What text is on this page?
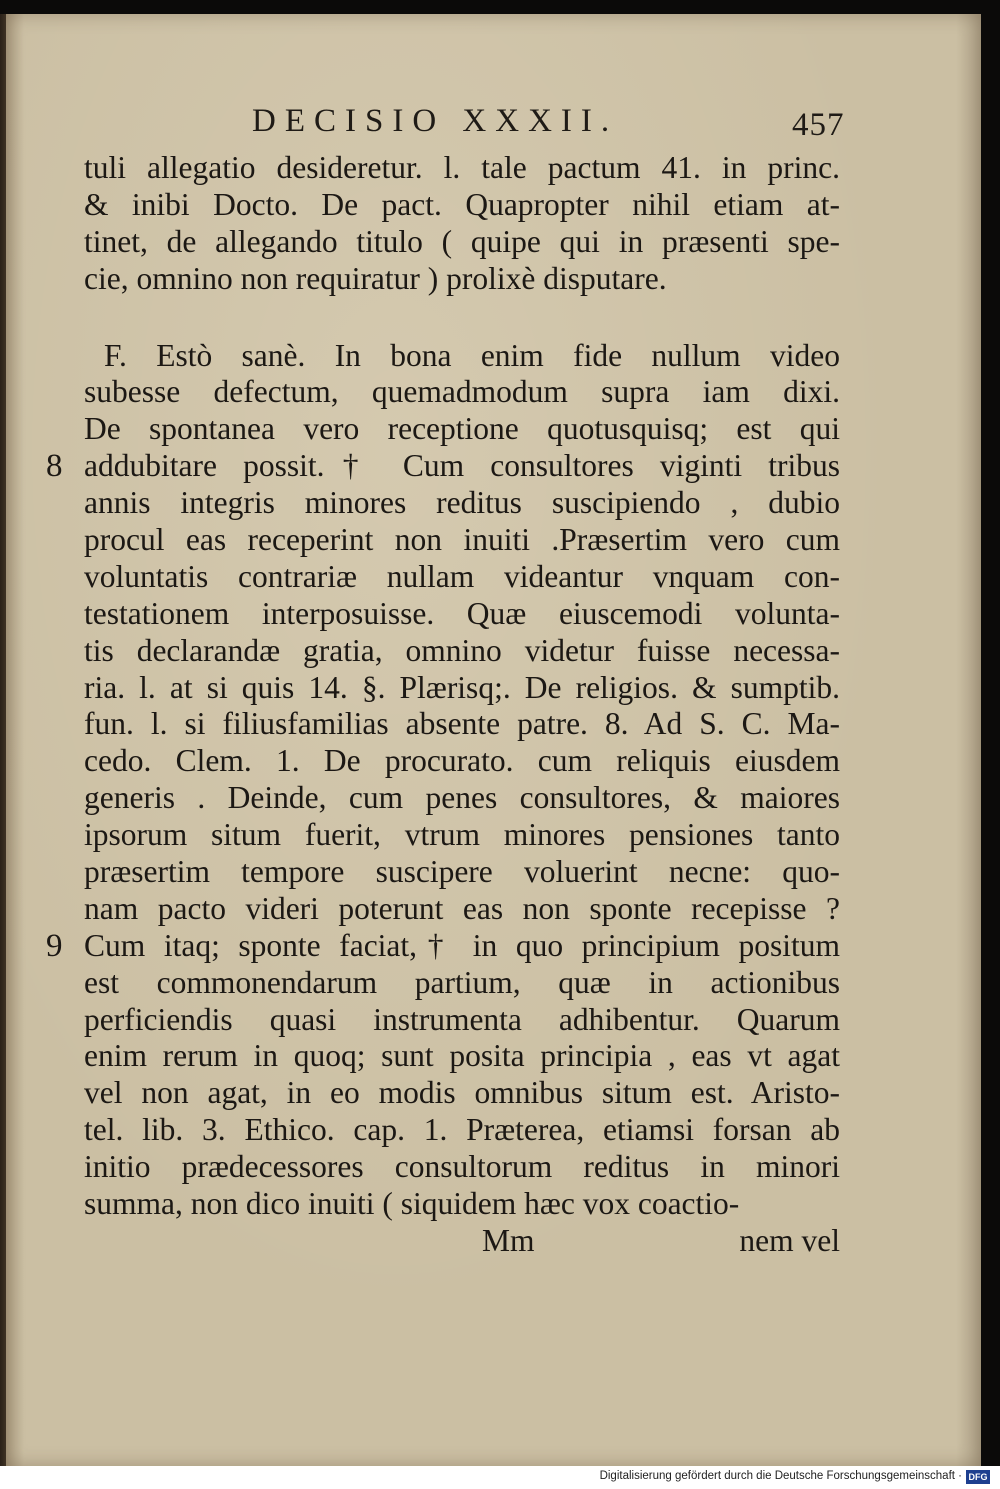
DECISIO XXXII.	457
tuli allegatio desideretur. l. tale pactum 41. in princ.
& inibi Docto. De pact. Quapropter nihil etiam at-
tinet, de allegando titulo ( quipe qui in præsenti spe-
cie, omnino non requiratur ) prolixè disputare.
F. Estò sanè. In bona enim fide nullum video
subesse defectum, quemadmodum supra iam dixi.
De spontanea vero receptione quotusquisq; est qui
addubitare possit.† Cum consultores viginti tribus
8
annis integris minores reditus suscipiendo , dubio
procul eas receperint non inuiti .Præsertim vero cum
voluntatis contrariæ nullam videantur vnquam con-
testationem interposuisse. Quæ eiuscemodi volunta-
tis declarandæ gratia, omnino videtur fuisse necessa-
ria. l. at si quis 14. §. Plærisq;. De religios. & sumptib.
fun. l. si filiusfamilias absente patre. 8. Ad S. C. Ma-
cedo. Clem. 1. De procurato. cum reliquis eiusdem
generis . Deinde, cum penes consultores, & maiores
ipsorum situm fuerit, vtrum minores pensiones tanto
præsertim tempore suscipere voluerint necne: quo-
nam pacto videri poterunt eas non sponte recepisse ?
Cum itaq; sponte faciat,† in quo principium positum
9
est commonendarum partium, quæ in actionibus
perficiendis quasi instrumenta adhibentur. Quarum
enim rerum in quoq; sunt posita principia , eas vt agat
vel non agat, in eo modis omnibus situm est. Aristo-
tel. lib. 3. Ethico. cap. 1. Præterea, etiamsi forsan ab
initio prædecessores consultorum reditus in minori
summa, non dico inuiti ( siquidem hæc vox coactio-
Mm	nem vel
Digitalisierung gefördert durch die Deutsche Forschungsgemeinschaft · DFG
